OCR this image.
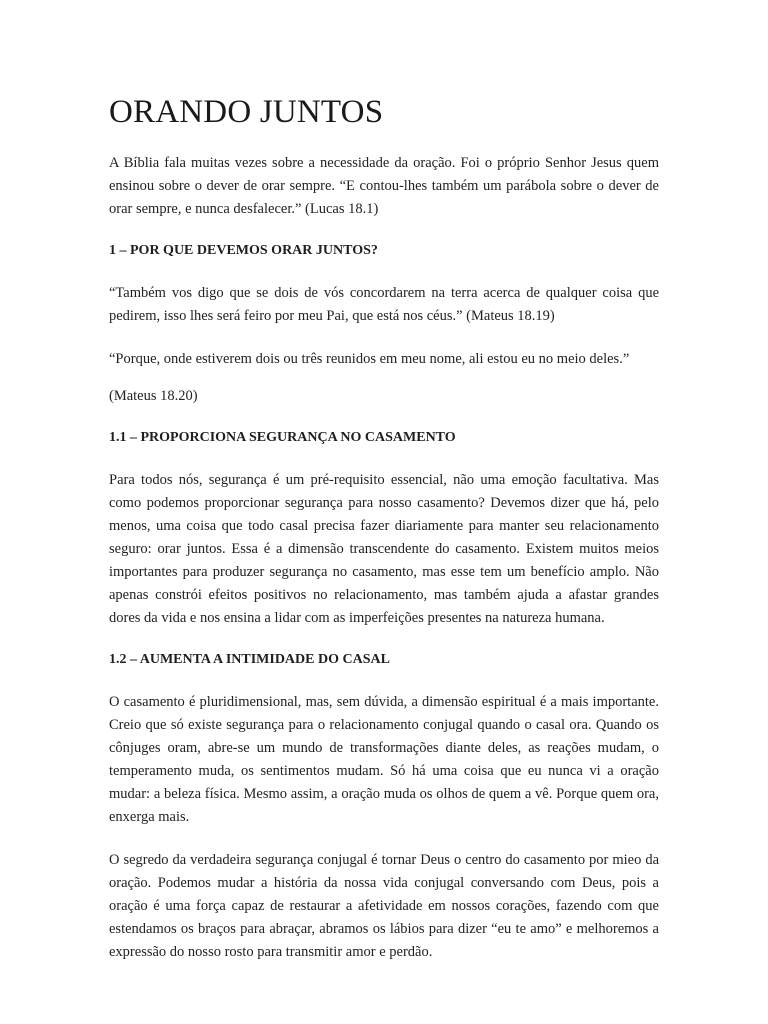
ORANDO JUNTOS

A Bíblia fala muitas vezes sobre a necessidade da oração. Foi o próprio Senhor Jesus quem ensinou sobre o dever de orar sempre. “E contou-lhes também um parábola sobre o dever de orar sempre, e nunca desfalecer.” (Lucas 18.1)

1 – POR QUE DEVEMOS ORAR JUNTOS?

“Também vos digo que se dois de vós concordarem na terra acerca de qualquer coisa que pedirem, isso lhes será feiro por meu Pai, que está nos céus.” (Mateus 18.19)

“Porque, onde estiverem dois ou três reunidos em meu nome, ali estou eu no meio deles.”

(Mateus 18.20)

1.1 – PROPORCIONA SEGURANÇA NO CASAMENTO

Para todos nós, segurança é um pré-requisito essencial, não uma emoção facultativa. Mas como podemos proporcionar segurança para nosso casamento? Devemos dizer que há, pelo menos, uma coisa que todo casal precisa fazer diariamente para manter seu relacionamento seguro: orar juntos. Essa é a dimensão transcendente do casamento. Existem muitos meios importantes para produzer segurança no casamento, mas esse tem um benefício amplo. Não apenas constrói efeitos positivos no relacionamento, mas também ajuda a afastar grandes dores da vida e nos ensina a lidar com as imperfeições presentes na natureza humana.

1.2 – AUMENTA A INTIMIDADE DO CASAL

O casamento é pluridimensional, mas, sem dúvida, a dimensão espiritual é a mais importante. Creio que só existe segurança para o relacionamento conjugal quando o casal ora. Quando os cônjuges oram, abre-se um mundo de transformações diante deles, as reações mudam, o temperamento muda, os sentimentos mudam. Só há uma coisa que eu nunca vi a oração mudar: a beleza física. Mesmo assim, a oração muda os olhos de quem a vê. Porque quem ora, enxerga mais.

O segredo da verdadeira segurança conjugal é tornar Deus o centro do casamento por mieo da oração. Podemos mudar a história da nossa vida conjugal conversando com Deus, pois a oração é uma força capaz de restaurar a afetividade em nossos corações, fazendo com que estendamos os braços para abraçar, abramos os lábios para dizer “eu te amo” e melhoremos a expressão do nosso rosto para transmitir amor e perdão.
